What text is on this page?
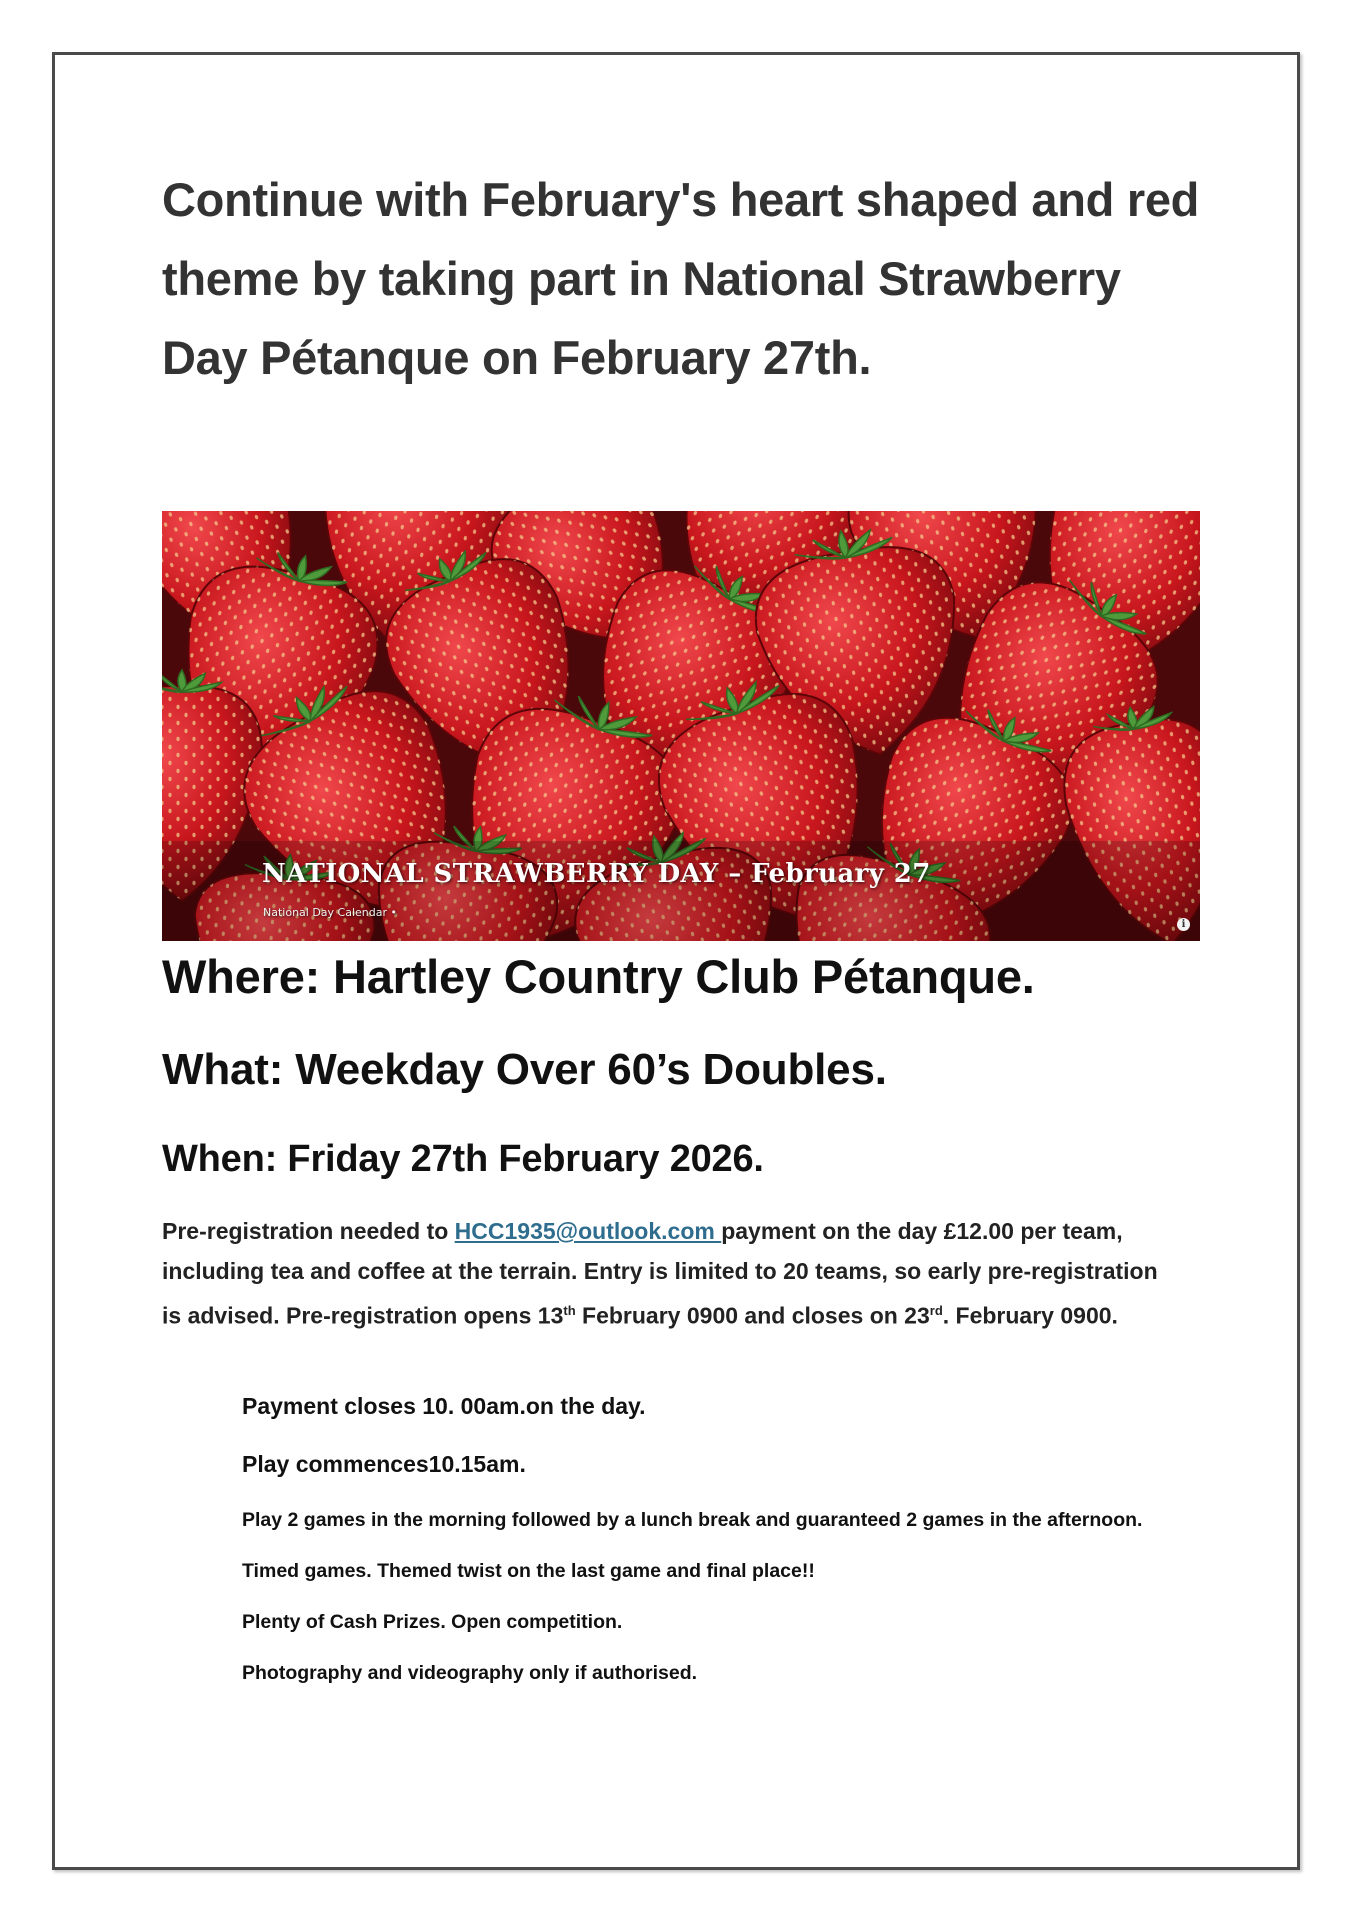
Continue with February's heart shaped and red theme by taking part in National Strawberry Day Pétanque on February 27th.
NATIONAL STRAWBERRY DAY – February 27
National Day Calendar •
i

Where: Hartley Country Club Pétanque.

What: Weekday Over 60’s Doubles.

When: Friday 27th February 2026.

Pre-registration needed to HCC1935@outlook.com payment on the day £12.00 per team, including tea and coffee at the terrain. Entry is limited to 20 teams, so early pre-registration is advised. Pre-registration opens 13th February 0900 and closes on 23rd. February 0900.

Payment closes 10. 00am.on the day.

Play commences10.15am.

Play 2 games in the morning followed by a lunch break and guaranteed 2 games in the afternoon.

Timed games. Themed twist on the last game and final place!!

Plenty of Cash Prizes. Open competition.

Photography and videography only if authorised.
